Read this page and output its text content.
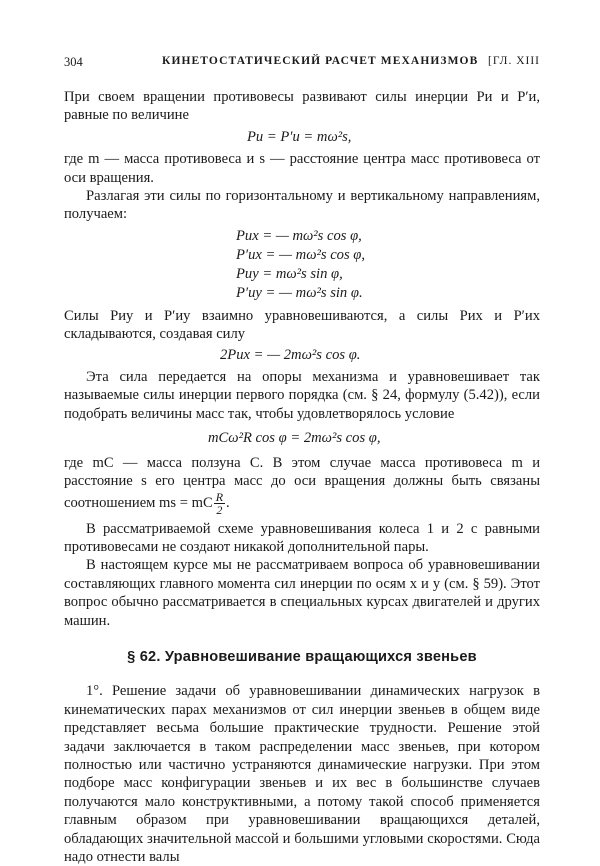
304	КИНЕТОСТАТИЧЕСКИЙ РАСЧЕТ МЕХАНИЗМОВ [ГЛ. XIII

При своем вращении противовесы развивают силы инерции Pи и P′и, равные по величине

Pи = P′и = mω²s,

где m — масса противовеса и s — расстояние центра масс противовеса от оси вращения.

Разлагая эти силы по горизонтальному и вертикальному направлениям, получаем:

Pиx = — mω²s cos φ,
P′иx = — mω²s cos φ,
Pиy = mω²s sin φ,
P′иy = — mω²s sin φ.

Силы Pиy и P′иy взаимно уравновешиваются, а силы Pиx и P′иx складываются, создавая силу

2Pиx = — 2mω²s cos φ.

Эта сила передается на опоры механизма и уравновешивает так называемые силы инерции первого порядка (см. § 24, формулу (5.42)), если подобрать величины масс так, чтобы удовлетворялось условие

mCω²R cos φ = 2mω²s cos φ,

где mC — масса ползуна C. В этом случае масса противовеса m и расстояние s его центра масс до оси вращения должны быть связаны соотношением ms = mC $\frac{R}{2}$ .

В рассматриваемой схеме уравновешивания колеса 1 и 2 с равными противовесами не создают никакой дополнительной пары.

В настоящем курсе мы не рассматриваем вопроса об уравновешивании составляющих главного момента сил инерции по осям x и y (см. § 59). Этот вопрос обычно рассматривается в специальных курсах двигателей и других машин.

§ 62. Уравновешивание вращающихся звеньев

1°. Решение задачи об уравновешивании динамических нагрузок в кинематических парах механизмов от сил инерции звеньев в общем виде представляет весьма большие практические трудности. Решение этой задачи заключается в таком распределении масс звеньев, при котором полностью или частично устраняются динамические нагрузки. При этом подборе масс конфигурации звеньев и их вес в большинстве случаев получаются мало конструктивными, а потому такой способ применяется главным образом при уравновешивании вращающихся деталей, обладающих значительной массой и большими угловыми скоростями. Сюда надо отнести валы
